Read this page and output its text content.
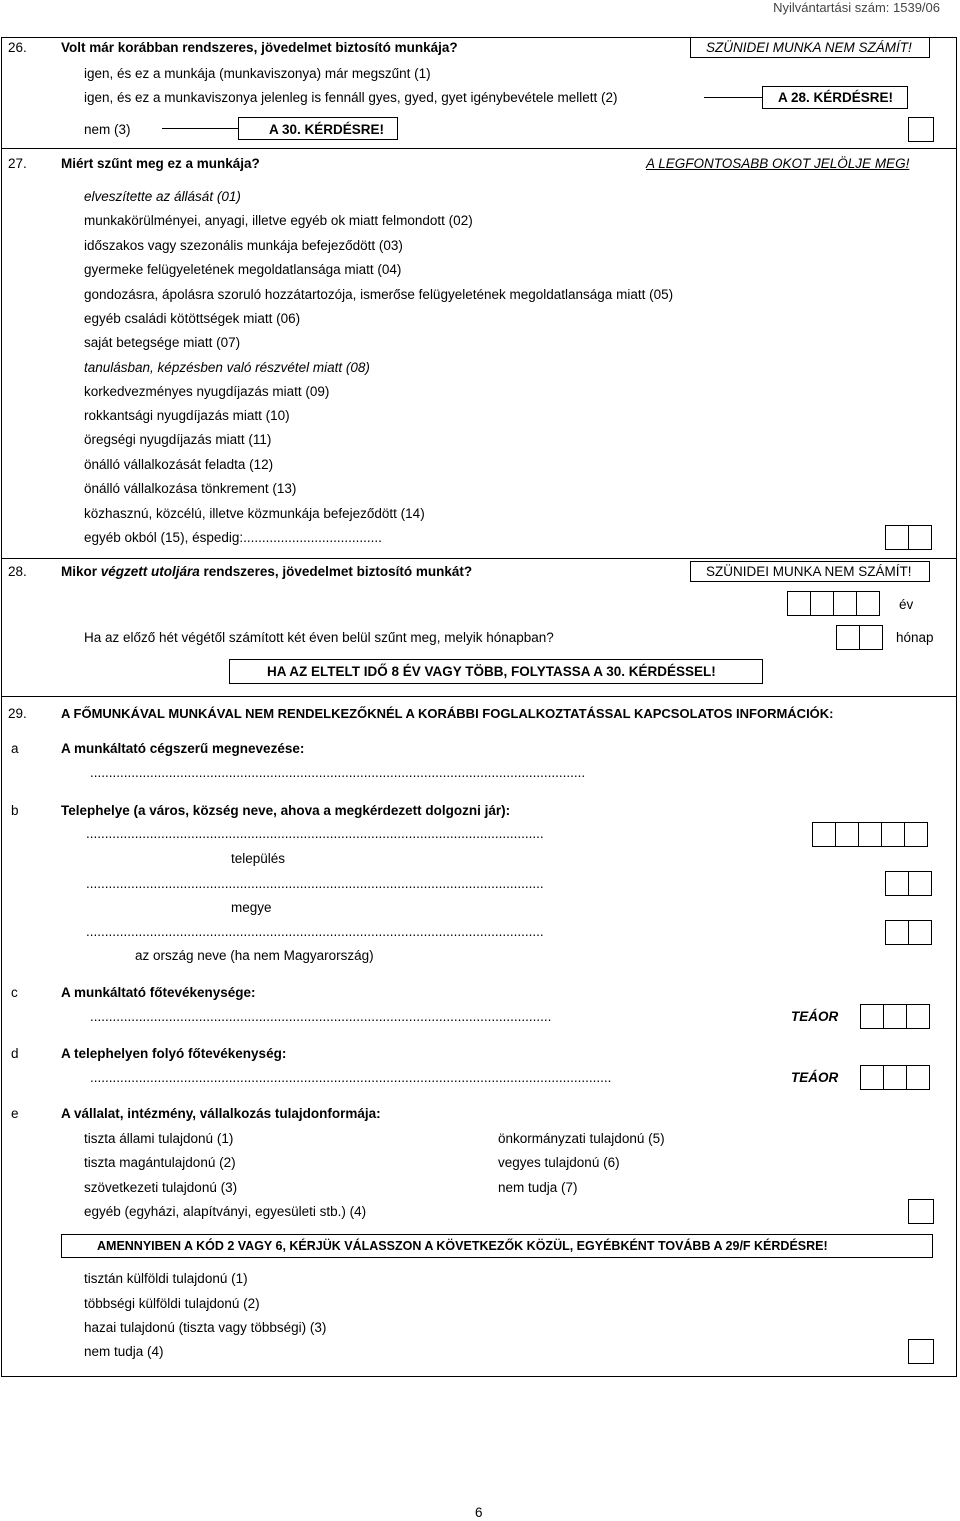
Nyilvántartási szám: 1539/06
26.	Volt már korábban rendszeres, jövedelmet biztosító munkája?	SZÜNIDEI MUNKA NEM SZÁMÍT!
igen, és ez a munkája (munkaviszonya) már megszűnt (1)
igen, és ez a munkaviszonya jelenleg is fennáll gyes, gyed, gyet igénybevétele mellett (2)	A 28. KÉRDÉSRE!
nem (3)	A 30. KÉRDÉSRE!
27.	Miért szűnt meg ez a munkája?	A LEGFONTOSABB OKOT JELÖLJE MEG!
elveszítette az állását (01)
munkakörülményei, anyagi, illetve egyéb ok miatt felmondott (02)
időszakos vagy szezonális munkája befejeződött (03)
gyermeke felügyeletének megoldatlansága miatt (04)
gondozásra, ápolásra szoruló hozzátartozója, ismerőse felügyeletének megoldatlansága miatt (05)
egyéb családi kötöttségek miatt (06)
saját betegsége miatt (07)
tanulásban, képzésben való részvétel miatt (08)
korkedvezményes nyugdíjazás miatt (09)
rokkantsági nyugdíjazás miatt (10)
öregségi nyugdíjazás miatt (11)
önálló vállalkozását feladta (12)
önálló vállalkozása tönkrement (13)
közhasznú, közcélú, illetve közmunkája befejeződött (14)
egyéb okból (15), éspedig:.....................................
28.	Mikor végzett utoljára rendszeres, jövedelmet biztosító munkát?	SZÜNIDEI MUNKA NEM SZÁMÍT!
év
Ha az előző hét végétől számított két éven belül szűnt meg, melyik hónapban?	hónap
HA AZ ELTELT IDŐ 8 ÉV VAGY TÖBB, FOLYTASSA A 30. KÉRDÉSSEL!
29.	A FŐMUNKÁVAL MUNKÁVAL NEM RENDELKEZŐKNÉL A KORÁBBI FOGLALKOZTATÁSSAL KAPCSOLATOS INFORMÁCIÓK:
a	A munkáltató cégszerű megnevezése:
....................................................................................................................................
b	Telephelye (a város, község neve, ahova a megkérdezett dolgozni jár):
..........................................................................................................................
település
..........................................................................................................................
megye
..........................................................................................................................
az ország neve (ha nem Magyarország)
c	A munkáltató főtevékenysége:
...........................................................................................................................	TEÁOR
d	A telephelyen folyó főtevékenység:
...........................................................................................................................................	TEÁOR
e	A vállalat, intézmény, vállalkozás tulajdonformája:
tiszta állami tulajdonú (1)
tiszta magántulajdonú (2)
szövetkezeti tulajdonú (3)
egyéb (egyházi, alapítványi, egyesületi stb.) (4)
önkormányzati tulajdonú (5)
vegyes tulajdonú (6)
nem tudja (7)
AMENNYIBEN A KÓD 2 VAGY 6, KÉRJÜK VÁLASSZON A KÖVETKEZŐK KÖZÜL, EGYÉBKÉNT TOVÁBB A 29/F KÉRDÉSRE!
tisztán külföldi tulajdonú (1)
többségi külföldi tulajdonú (2)
hazai tulajdonú (tiszta vagy többségi) (3)
nem tudja (4)
6
